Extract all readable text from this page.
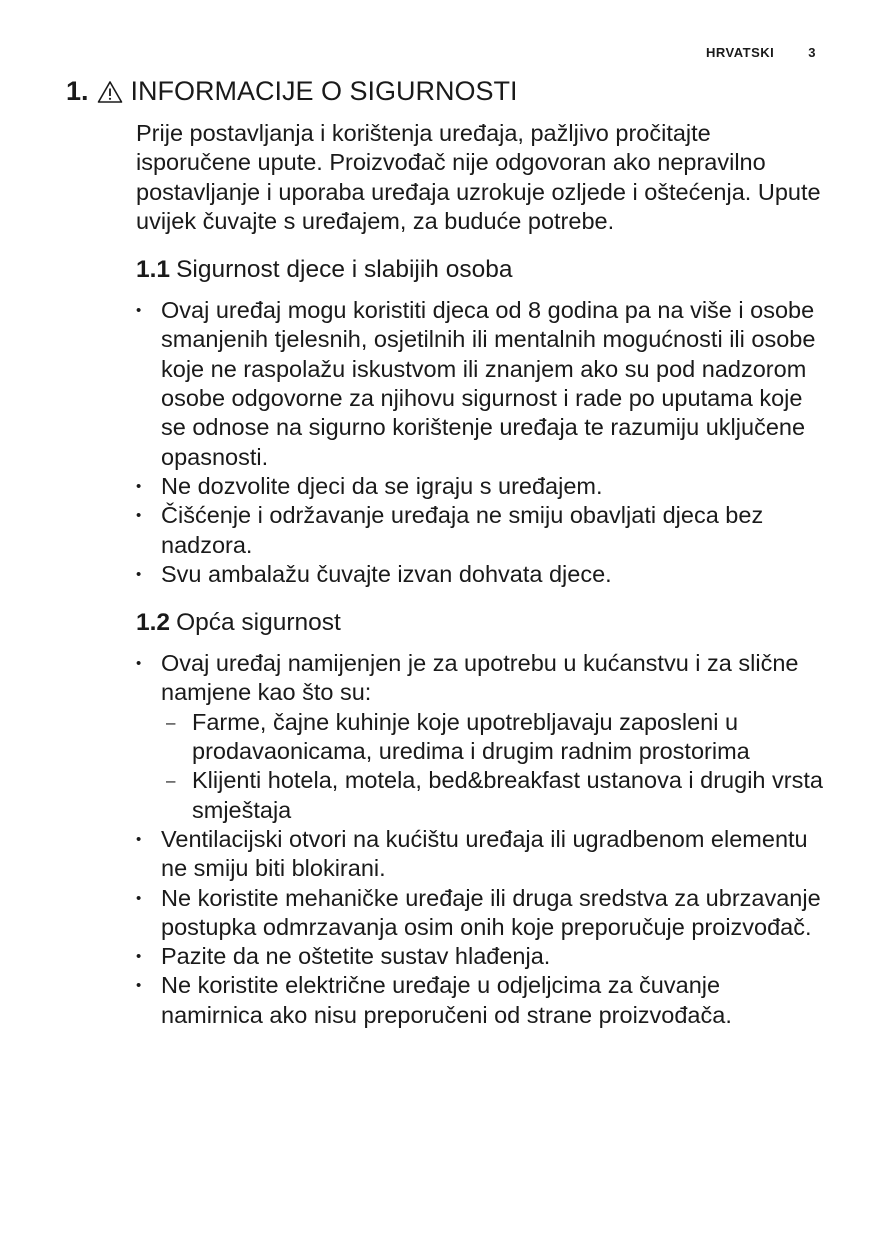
HRVATSKI	3
1. INFORMACIJE O SIGURNOSTI

Prije postavljanja i korištenja uređaja, pažljivo pročitajte isporučene upute. Proizvođač nije odgovoran ako nepravilno postavljanje i uporaba uređaja uzrokuje ozljede i oštećenja. Upute uvijek čuvajte s uređajem, za buduće potrebe.

1.1 Sigurnost djece i slabijih osoba
• Ovaj uređaj mogu koristiti djeca od 8 godina pa na više i osobe smanjenih tjelesnih, osjetilnih ili mentalnih mogućnosti ili osobe koje ne raspolažu iskustvom ili znanjem ako su pod nadzorom osobe odgovorne za njihovu sigurnost i rade po uputama koje se odnose na sigurno korištenje uređaja te razumiju uključene opasnosti.
• Ne dozvolite djeci da se igraju s uređajem.
• Čišćenje i održavanje uređaja ne smiju obavljati djeca bez nadzora.
• Svu ambalažu čuvajte izvan dohvata djece.
1.2 Opća sigurnost
• Ovaj uređaj namijenjen je za upotrebu u kućanstvu i za slične namjene kao što su:
– Farme, čajne kuhinje koje upotrebljavaju zaposleni u prodavaonicama, uredima i drugim radnim prostorima
– Klijenti hotela, motela, bed&breakfast ustanova i drugih vrsta smještaja
• Ventilacijski otvori na kućištu uređaja ili ugradbenom elementu ne smiju biti blokirani.
• Ne koristite mehaničke uređaje ili druga sredstva za ubrzavanje postupka odmrzavanja osim onih koje preporučuje proizvođač.
• Pazite da ne oštetite sustav hlađenja.
• Ne koristite električne uređaje u odjeljcima za čuvanje namirnica ako nisu preporučeni od strane proizvođača.
